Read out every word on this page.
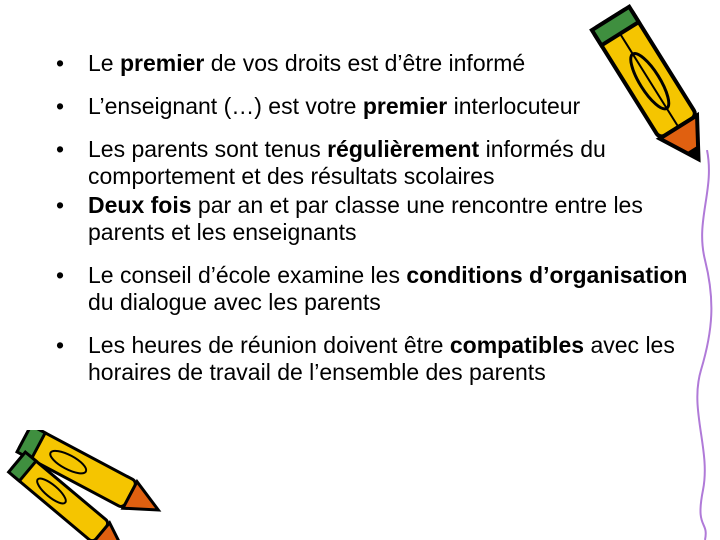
• Le premier de vos droits est d’être informé
• L’enseignant (…) est votre premier interlocuteur
• Les parents sont tenus régulièrement informés du comportement et des résultats scolaires
• Deux fois par an et par classe une rencontre entre les parents et les enseignants
• Le conseil d’école examine les conditions d’organisation du dialogue avec les parents
• Les heures de réunion doivent être compatibles avec les horaires de travail de l’ensemble des parents
